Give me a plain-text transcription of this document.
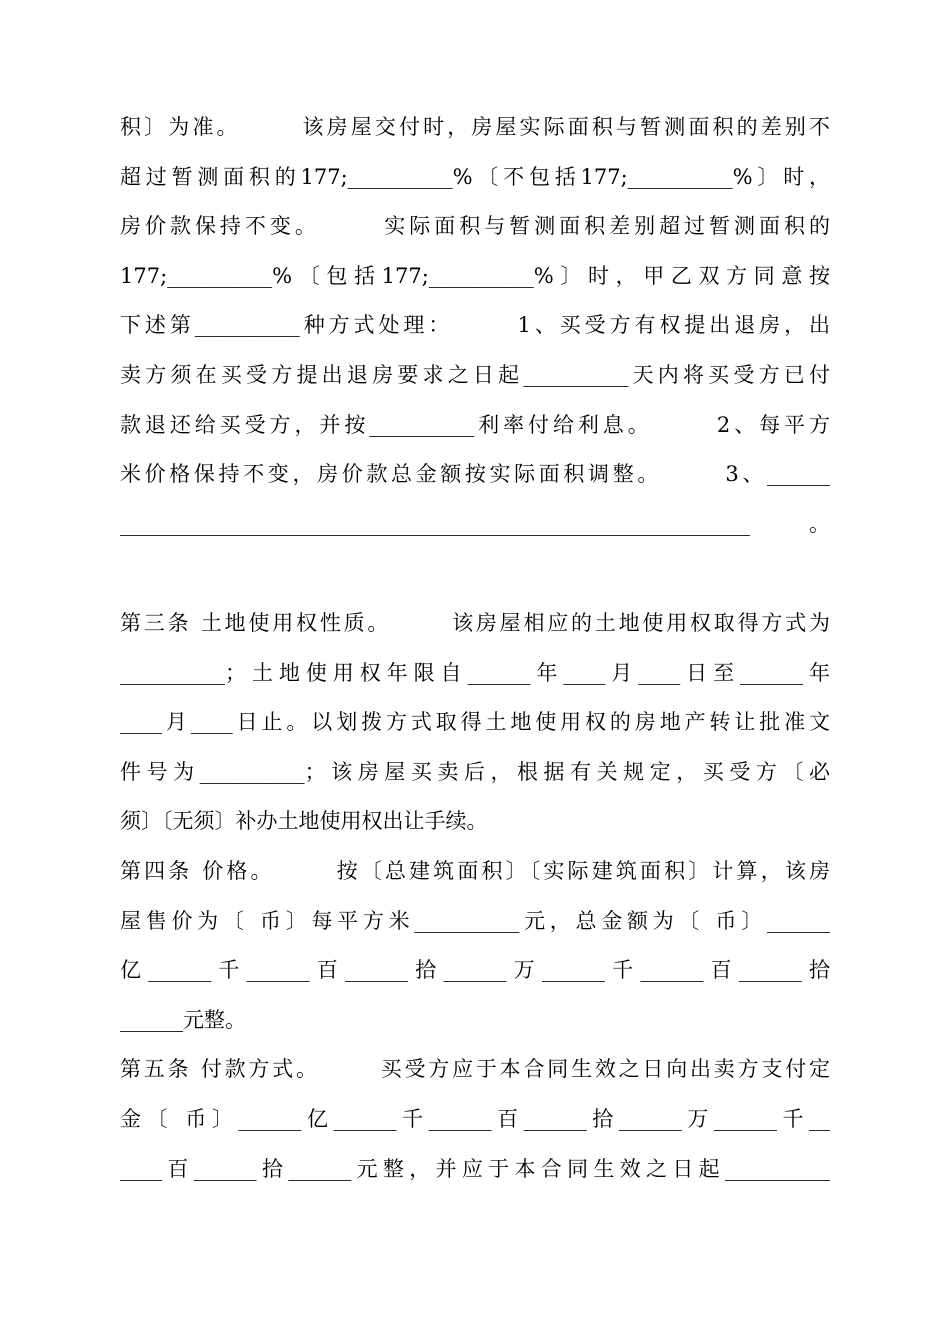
积〕为准。　　　该房屋交付时，房屋实际面积与暂测面积的差别不
超过暂测面积的177;__________%〔不包括177;__________%〕时，
房价款保持不变。　　　实际面积与暂测面积差别超过暂测面积的
177;__________%〔包括177;__________%〕时，甲乙双方同意按
下述第__________种方式处理：　　　1、买受方有权提出退房，出
卖方须在买受方提出退房要求之日起__________天内将买受方已付
款退还给买受方，并按__________利率付给利息。　　　2、每平方
米价格保持不变，房价款总金额按实际面积调整。　　　3、______
____________________________________________________________。
第三条 土地使用权性质。　　　该房屋相应的土地使用权取得方式为
__________；土地使用权年限自______年____月____日至______年
____月____日止。以划拨方式取得土地使用权的房地产转让批准文
件号为__________；该房屋买卖后，根据有关规定，买受方〔必
须〕〔无须〕补办土地使用权出让手续。
第四条 价格。　　　按〔总建筑面积〕〔实际建筑面积〕计算，该房
屋售价为〔 币〕每平方米__________元，总金额为〔 币〕______
亿______千______百______拾______万______千______百______拾
______元整。
第五条 付款方式。　　　买受方应于本合同生效之日向出卖方支付定
金〔 币〕______亿______千______百______拾______万______千__
____百______拾______元整，并应于本合同生效之日起__________
